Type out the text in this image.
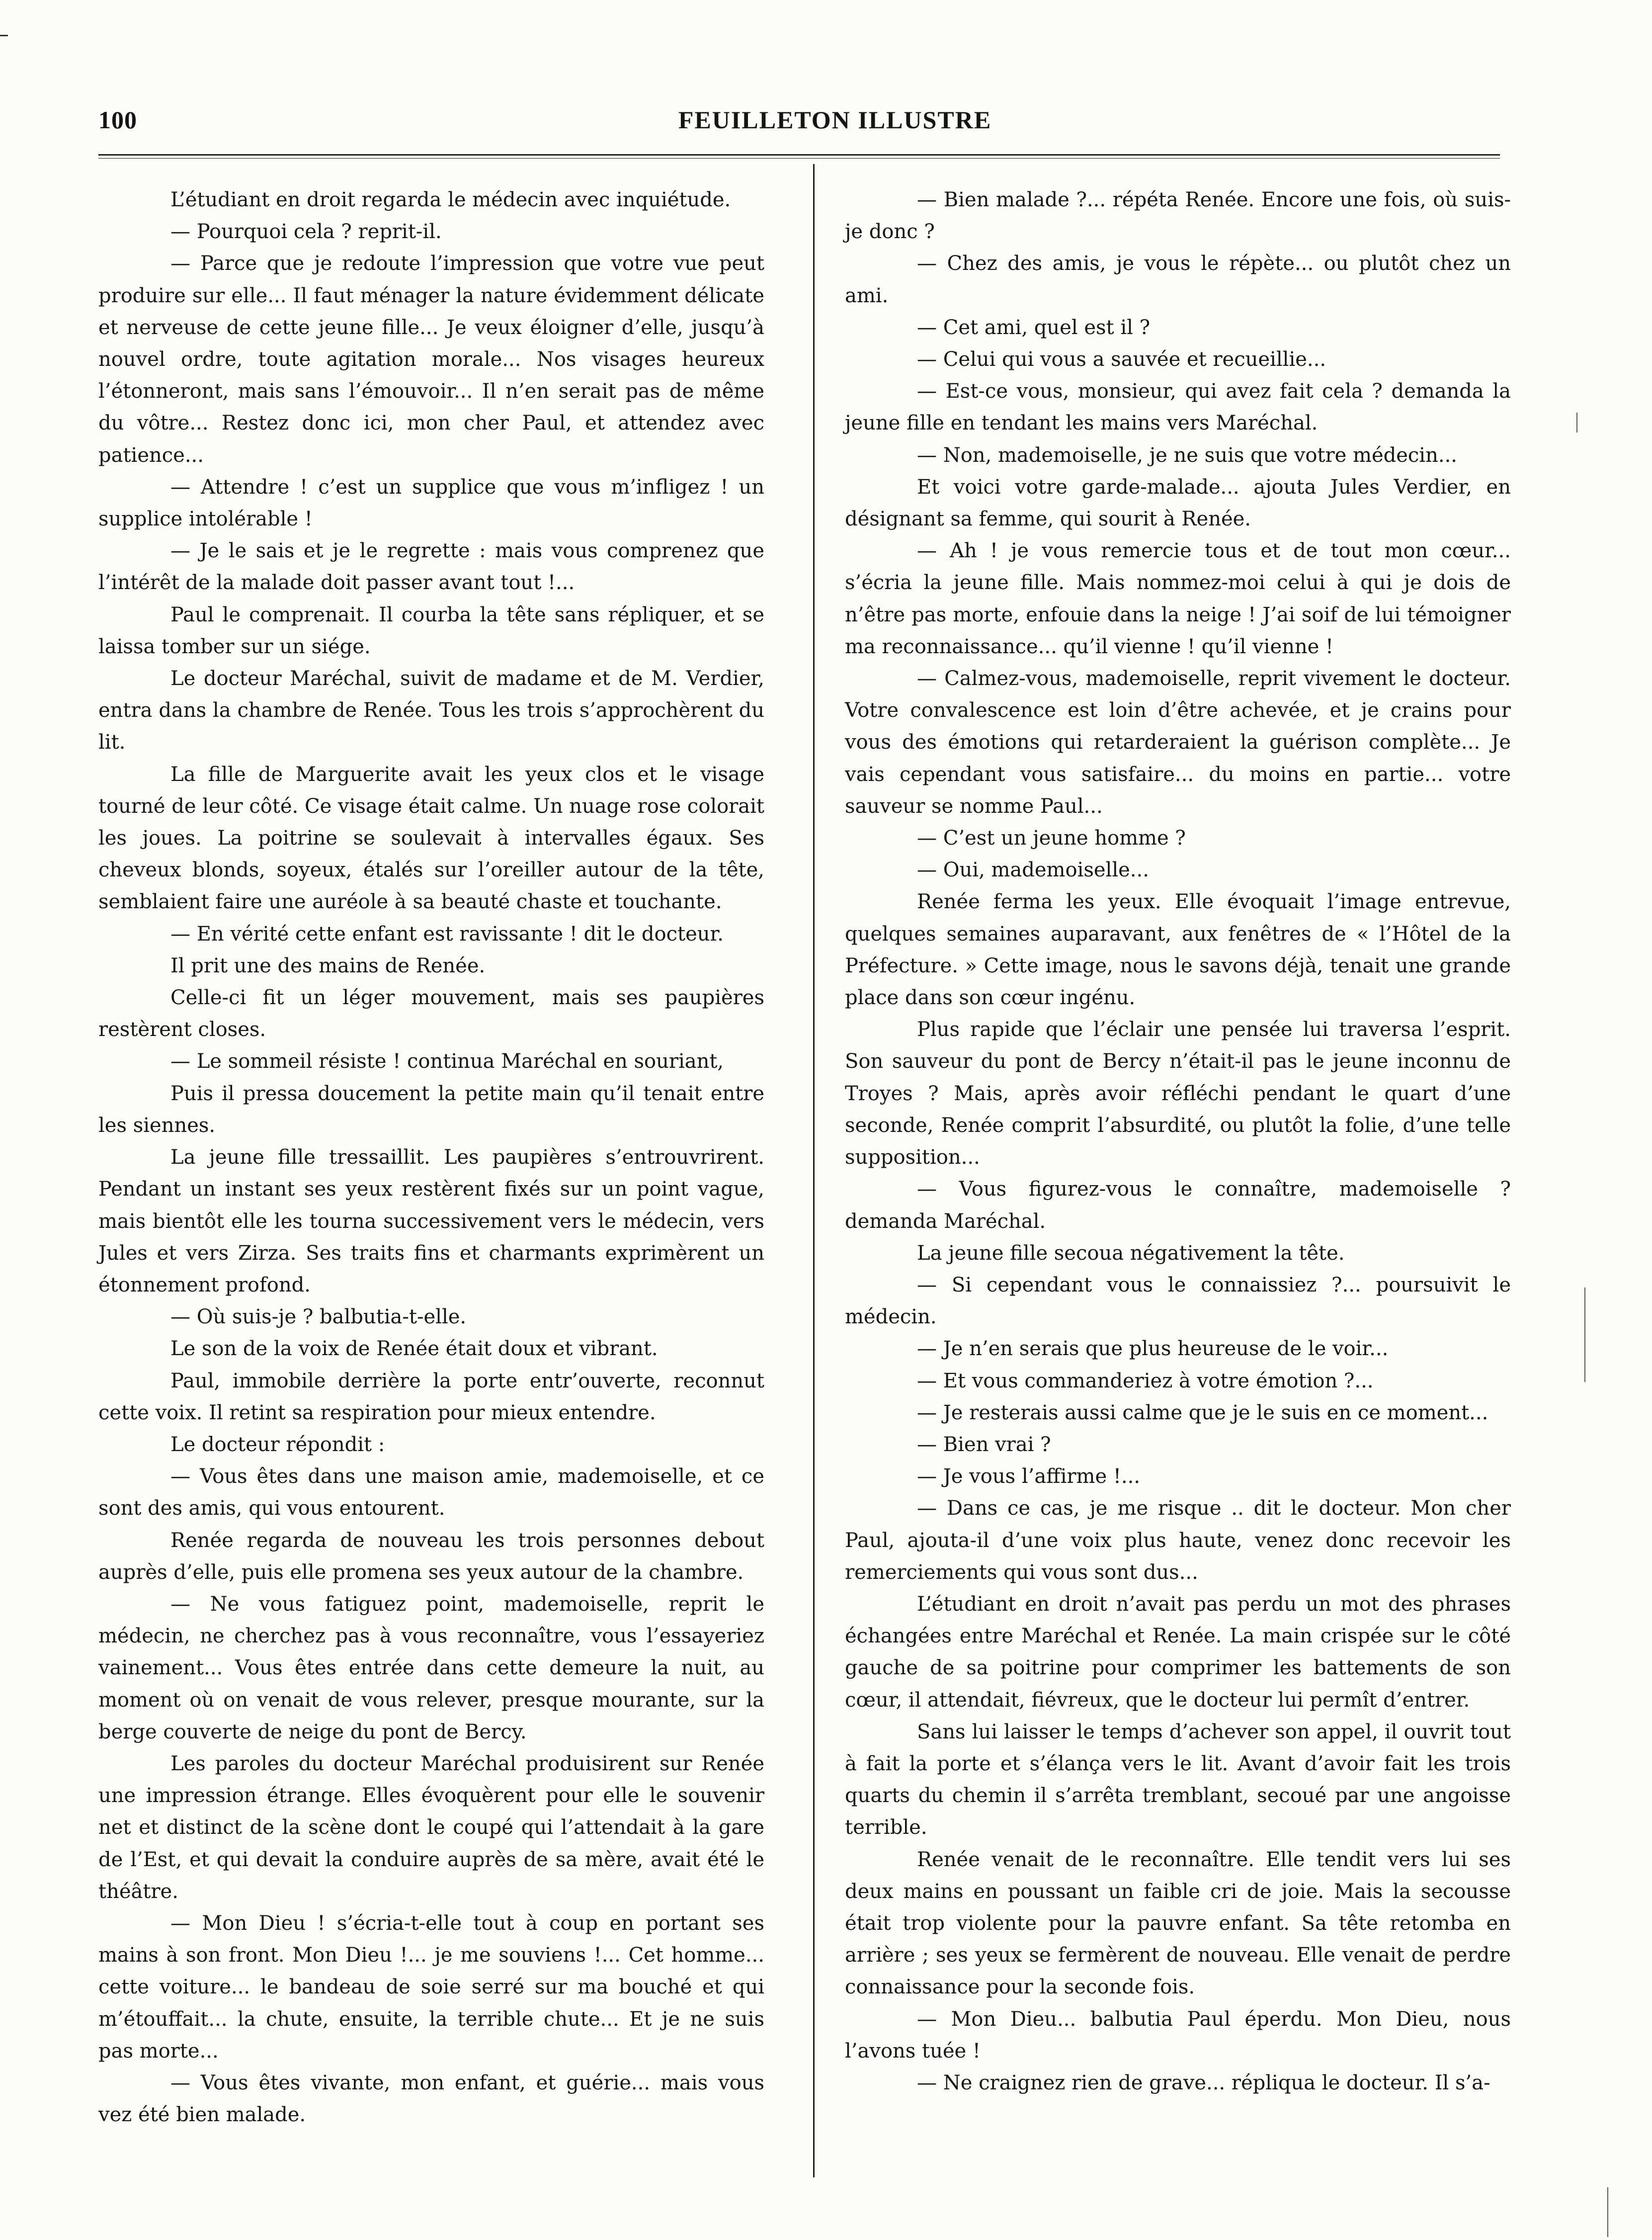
100	FEUILLETON ILLUSTRE

L’étudiant en droit regarda le médecin avec inquiétude.

— Pourquoi cela ? reprit-il.

— Parce que je redoute l’impression que votre vue peut produire sur elle... Il faut ménager la nature évidemment délicate et nerveuse de cette jeune fille... Je veux éloigner d’elle, jusqu’à nouvel ordre, toute agitation morale... Nos visages heureux l’étonneront, mais sans l’émouvoir... Il n’en serait pas de même du vôtre... Restez donc ici, mon cher Paul, et attendez avec patience...

— Attendre ! c’est un supplice que vous m’infligez ! un supplice intolérable !

— Je le sais et je le regrette : mais vous comprenez que l’intérêt de la malade doit passer avant tout !...

Paul le comprenait. Il courba la tête sans répliquer, et se laissa tomber sur un siége.

Le docteur Maréchal, suivit de madame et de M. Verdier, entra dans la chambre de Renée. Tous les trois s’approchèrent du lit.

La fille de Marguerite avait les yeux clos et le visage tourné de leur côté. Ce visage était calme. Un nuage rose colorait les joues. La poitrine se soulevait à intervalles égaux. Ses cheveux blonds, soyeux, étalés sur l’oreiller autour de la tête, semblaient faire une auréole à sa beauté chaste et touchante.

— En vérité cette enfant est ravissante ! dit le docteur.

Il prit une des mains de Renée.

Celle-ci fit un léger mouvement, mais ses paupières restèrent closes.

— Le sommeil résiste ! continua Maréchal en souriant,

Puis il pressa doucement la petite main qu’il tenait entre les siennes.

La jeune fille tressaillit. Les paupières s’entrouvrirent. Pendant un instant ses yeux restèrent fixés sur un point vague, mais bientôt elle les tourna successivement vers le médecin, vers Jules et vers Zirza. Ses traits fins et charmants exprimèrent un étonnement profond.

— Où suis-je ? balbutia-t-elle.

Le son de la voix de Renée était doux et vibrant.

Paul, immobile derrière la porte entr’ouverte, reconnut cette voix. Il retint sa respiration pour mieux entendre.

Le docteur répondit :

— Vous êtes dans une maison amie, mademoiselle, et ce sont des amis, qui vous entourent.

Renée regarda de nouveau les trois personnes debout auprès d’elle, puis elle promena ses yeux autour de la chambre.

— Ne vous fatiguez point, mademoiselle, reprit le médecin, ne cherchez pas à vous reconnaître, vous l’essayeriez vainement... Vous êtes entrée dans cette demeure la nuit, au moment où on venait de vous relever, presque mourante, sur la berge couverte de neige du pont de Bercy.

Les paroles du docteur Maréchal produisirent sur Renée une impression étrange. Elles évoquèrent pour elle le souvenir net et distinct de la scène dont le coupé qui l’attendait à la gare de l’Est, et qui devait la conduire auprès de sa mère, avait été le théâtre.

— Mon Dieu ! s’écria-t-elle tout à coup en portant ses mains à son front. Mon Dieu !... je me souviens !... Cet homme... cette voiture... le bandeau de soie serré sur ma bouché et qui m’étouffait... la chute, ensuite, la terrible chute... Et je ne suis pas morte...

— Vous êtes vivante, mon enfant, et guérie... mais vous vez été bien malade.

— Bien malade ?... répéta Renée. Encore une fois, où suis-je donc ?

— Chez des amis, je vous le répète... ou plutôt chez un ami.

— Cet ami, quel est il ?

— Celui qui vous a sauvée et recueillie...

— Est-ce vous, monsieur, qui avez fait cela ? demanda la jeune fille en tendant les mains vers Maréchal.

— Non, mademoiselle, je ne suis que votre médecin...

Et voici votre garde-malade... ajouta Jules Verdier, en désignant sa femme, qui sourit à Renée.

— Ah ! je vous remercie tous et de tout mon cœur... s’écria la jeune fille. Mais nommez-moi celui à qui je dois de n’être pas morte, enfouie dans la neige ! J’ai soif de lui témoigner ma reconnaissance... qu’il vienne ! qu’il vienne !

— Calmez-vous, mademoiselle, reprit vivement le docteur. Votre convalescence est loin d’être achevée, et je crains pour vous des émotions qui retarderaient la guérison complète... Je vais cependant vous satisfaire... du moins en partie... votre sauveur se nomme Paul...

— C’est un jeune homme ?

— Oui, mademoiselle...

Renée ferma les yeux. Elle évoquait l’image entrevue, quelques semaines auparavant, aux fenêtres de « l’Hôtel de la Préfecture. » Cette image, nous le savons déjà, tenait une grande place dans son cœur ingénu.

Plus rapide que l’éclair une pensée lui traversa l’esprit. Son sauveur du pont de Bercy n’était-il pas le jeune inconnu de Troyes ? Mais, après avoir réfléchi pendant le quart d’une seconde, Renée comprit l’absurdité, ou plutôt la folie, d’une telle supposition...

— Vous figurez-vous le connaître, mademoiselle ? demanda Maréchal.

La jeune fille secoua négativement la tête.

— Si cependant vous le connaissiez ?... poursuivit le médecin.

— Je n’en serais que plus heureuse de le voir...

— Et vous commanderiez à votre émotion ?...

— Je resterais aussi calme que je le suis en ce moment...

— Bien vrai ?

— Je vous l’affirme !...

— Dans ce cas, je me risque .. dit le docteur. Mon cher Paul, ajouta-il d’une voix plus haute, venez donc recevoir les remerciements qui vous sont dus...

L’étudiant en droit n’avait pas perdu un mot des phrases échangées entre Maréchal et Renée. La main crispée sur le côté gauche de sa poitrine pour comprimer les battements de son cœur, il attendait, fiévreux, que le docteur lui permît d’entrer.

Sans lui laisser le temps d’achever son appel, il ouvrit tout à fait la porte et s’élança vers le lit. Avant d’avoir fait les trois quarts du chemin il s’arrêta tremblant, secoué par une angoisse terrible.

Renée venait de le reconnaître. Elle tendit vers lui ses deux mains en poussant un faible cri de joie. Mais la secousse était trop violente pour la pauvre enfant. Sa tête retomba en arrière ; ses yeux se fermèrent de nouveau. Elle venait de perdre connaissance pour la seconde fois.

— Mon Dieu... balbutia Paul éperdu. Mon Dieu, nous l’avons tuée !

— Ne craignez rien de grave... répliqua le docteur. Il s’a-
